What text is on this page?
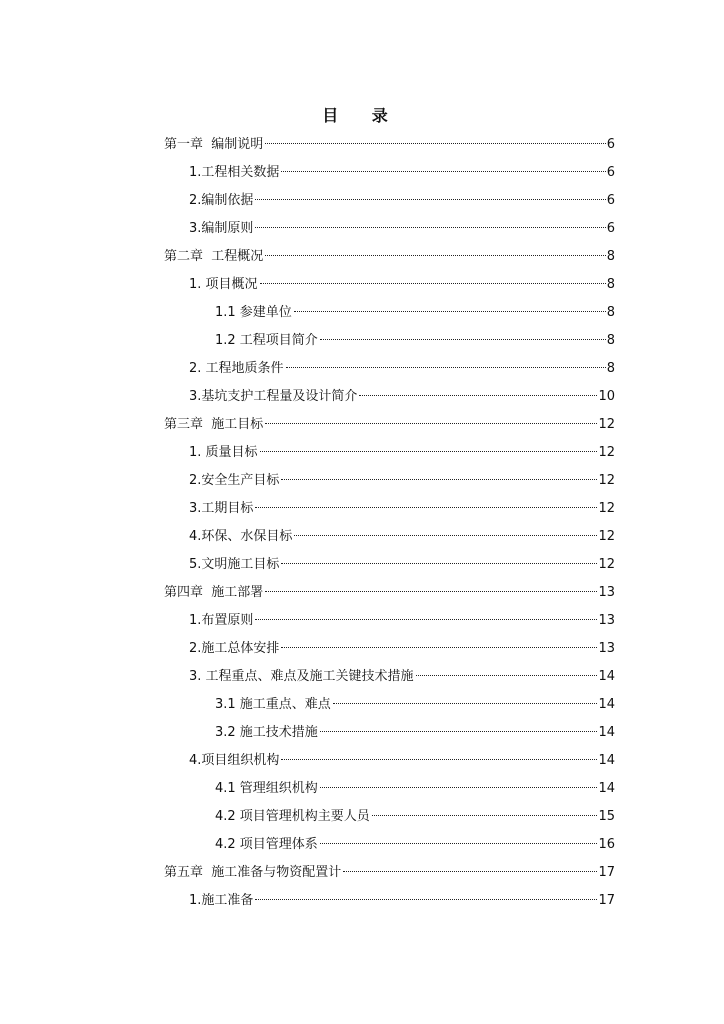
目 录
第一章  编制说明	6
1.工程相关数据	6
2.编制依据	6
3.编制原则	6
第二章  工程概况	8
1. 项目概况	8
1.1 参建单位	8
1.2 工程项目简介	8
2. 工程地质条件	8
3.基坑支护工程量及设计简介	10
第三章  施工目标	12
1. 质量目标	12
2.安全生产目标	12
3.工期目标	12
4.环保、水保目标	12
5.文明施工目标	12
第四章  施工部署	13
1.布置原则	13
2.施工总体安排	13
3. 工程重点、难点及施工关键技术措施	14
3.1 施工重点、难点	14
3.2 施工技术措施	14
4.项目组织机构	14
4.1 管理组织机构	14
4.2 项目管理机构主要人员	15
4.2 项目管理体系	16
第五章  施工准备与物资配置计	17
1.施工准备	17
